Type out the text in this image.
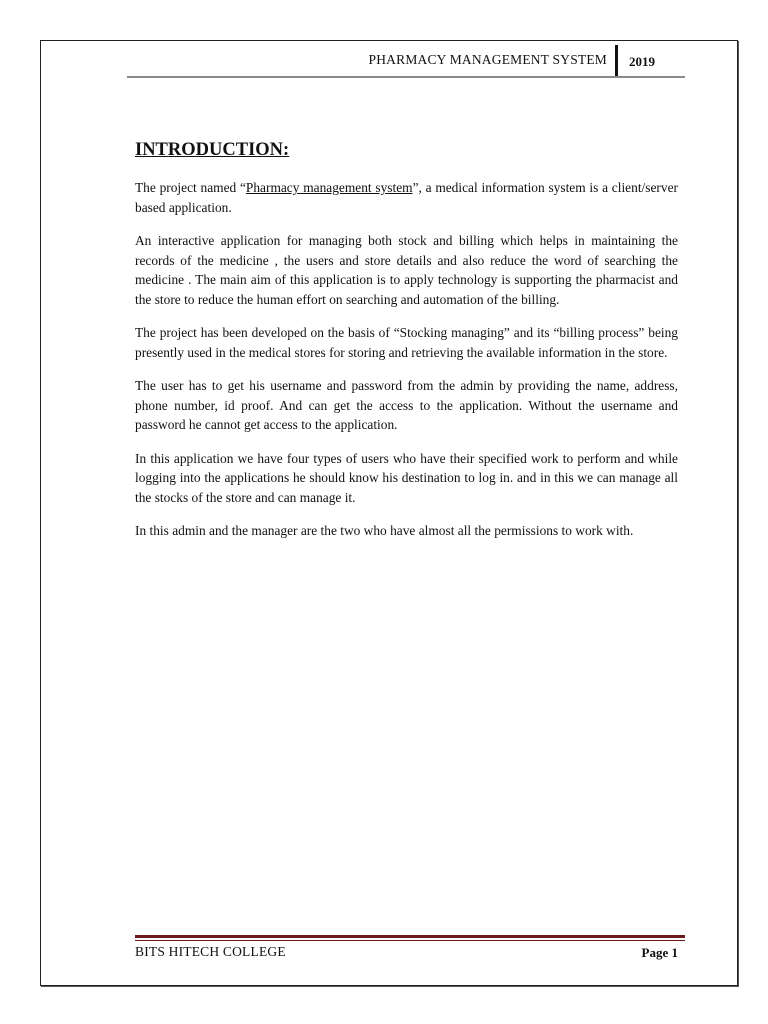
PHARMACY MANAGEMENT SYSTEM 2019
INTRODUCTION:

The project named “Pharmacy management system”, a medical information system is a client/server based application.

An interactive application for managing both stock and billing which helps in maintaining the records of the medicine , the users and store details and also reduce the word of searching the medicine . The main aim of this application is to apply technology is supporting the pharmacist and the store to reduce the human effort on searching and automation of the billing.

The project has been developed on the basis of “Stocking managing” and its “billing process” being presently used in the medical stores for storing and retrieving the available information in the store.

The user has to get his username and password from the admin by providing the name, address, phone number, id proof. And can get the access to the application. Without the username and password he cannot get access to the application.

In this application we have four types of users who have their specified work to perform and while logging into the applications he should know his destination to log in. and in this we can manage all the stocks of the store and can manage it.

In this admin and the manager are the two who have almost all the permissions to work with.

BITS HITECH COLLEGE	Page 1
